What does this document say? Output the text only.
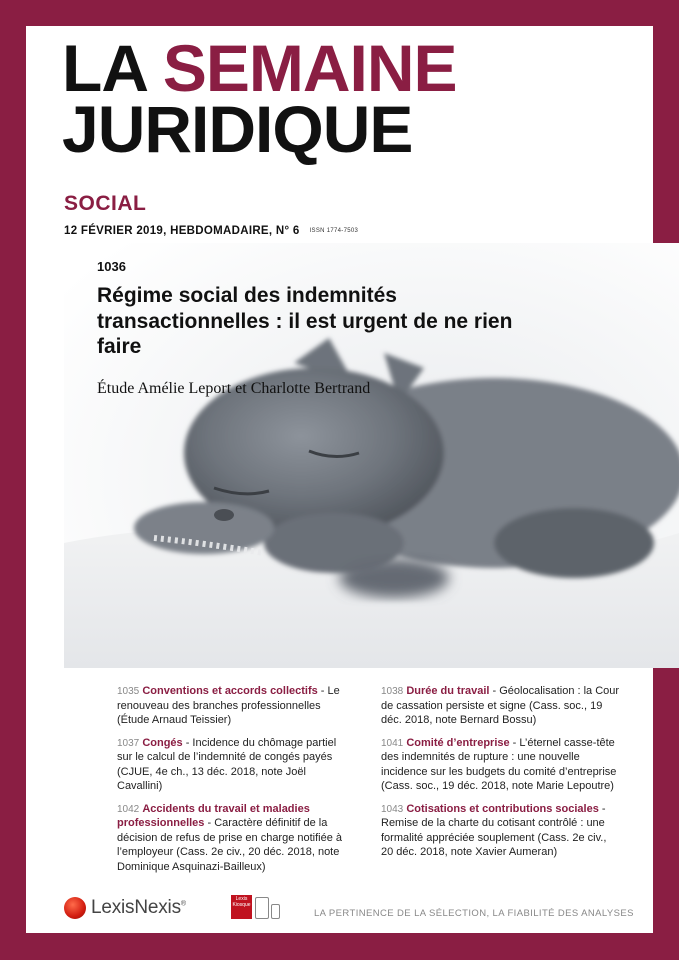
LA SEMAINE
JURIDIQUE
SOCIAL
12 FÉVRIER 2019, HEBDOMADAIRE, N° 6 ISSN 1774-7503
1036
Régime social des indemnités transactionnelles : il est urgent de ne rien faire
Étude Amélie Leport et Charlotte Bertrand
1035 Conventions et accords collectifs - Le renouveau des branches professionnelles (Étude Arnaud Teissier)
1037 Congés - Incidence du chômage partiel sur le calcul de l’indemnité de congés payés (CJUE, 4e ch., 13 déc. 2018, note Joël Cavallini)
1042 Accidents du travail et maladies professionnelles - Caractère définitif de la décision de refus de prise en charge notifiée à l’employeur (Cass. 2e civ., 20 déc. 2018, note Dominique Asquinazi-Bailleux)
1038 Durée du travail - Géolocalisation : la Cour de cassation persiste et signe (Cass. soc., 19 déc. 2018, note Bernard Bossu)
1041 Comité d’entreprise - L’éternel casse-tête des indemnités de rupture : une nouvelle incidence sur les budgets du comité d’entreprise (Cass. soc., 19 déc. 2018, note Marie Lepoutre)
1043 Cotisations et contributions sociales - Remise de la charte du cotisant contrôlé : une formalité appréciée souplement (Cass. 2e civ., 20 déc. 2018, note Xavier Aumeran)
LexisNexis®
Lexis
Kiosque
LA PERTINENCE DE LA SÉLECTION, LA FIABILITÉ DES ANALYSES
